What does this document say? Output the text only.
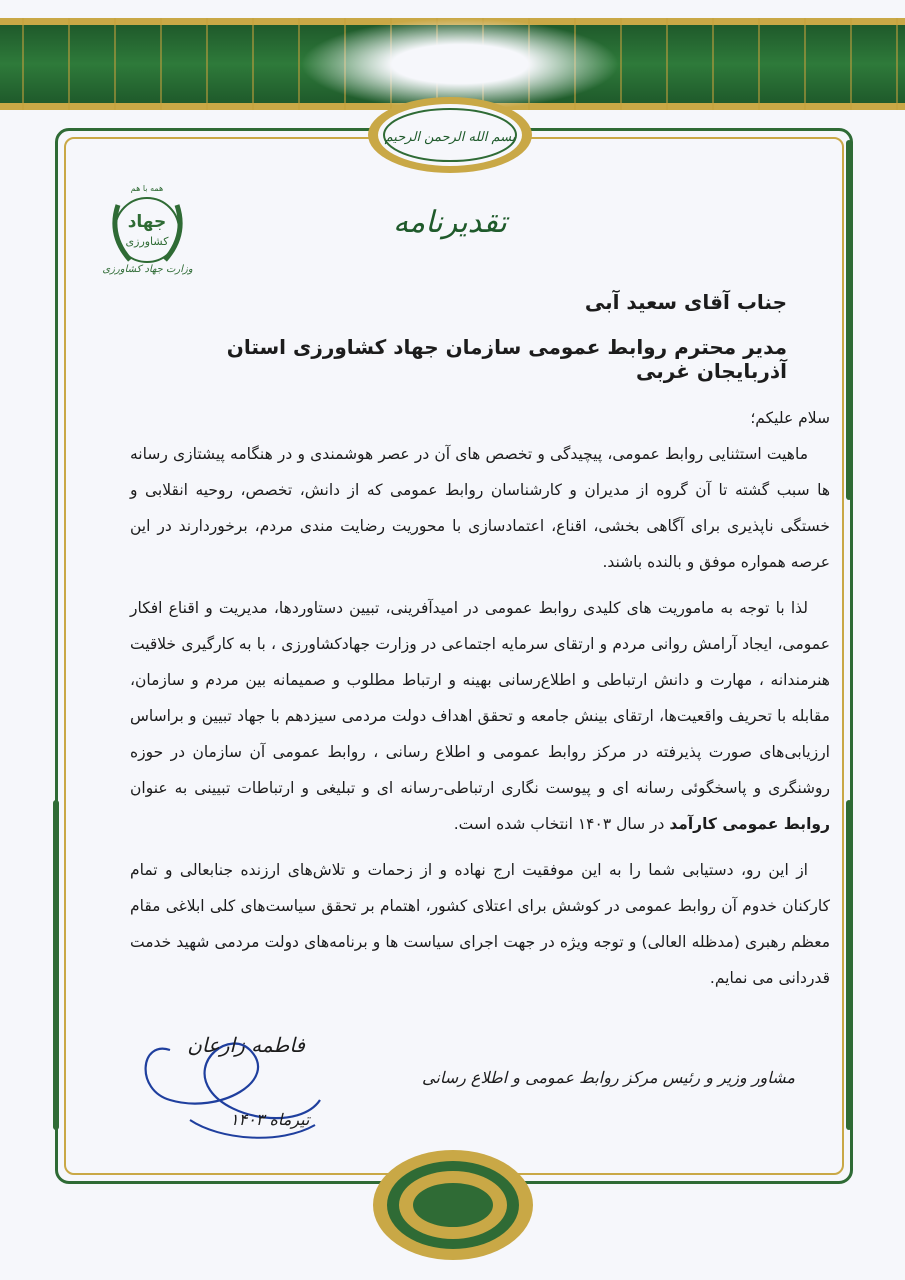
بسم الله الرحمن الرحیم
همه با هم
جهاد
کشاورزی
وزارت جهاد کشاورزی
تقدیرنامه
جناب آقای سعید آبی
مدیر محترم روابط عمومی سازمان جهاد کشاورزی استان آذربایجان غربی

سلام علیکم؛

ماهیت استثنایی روابط عمومی، پیچیدگی و تخصص های آن در عصر هوشمندی و در هنگامه پیشتازی رسانه ها سبب گشته تا آن گروه از مدیران و کارشناسان روابط عمومی که از دانش، تخصص، روحیه انقلابی و خستگی ناپذیری برای آگاهی بخشی، اقناع، اعتمادسازی با محوریت رضایت مندی مردم، برخوردارند در این عرصه همواره موفق و بالنده باشند.

لذا با توجه به ماموریت های کلیدی روابط عمومی در امیدآفرینی، تبیین دستاوردها، مدیریت و اقناع افکار عمومی، ایجاد آرامش روانی مردم و ارتقای سرمایه اجتماعی در وزارت جهادکشاورزی ، با به کارگیری خلاقیت هنرمندانه ، مهارت و دانش ارتباطی و اطلاع‌رسانی بهینه و ارتباط مطلوب و صمیمانه بین مردم و سازمان، مقابله با تحریف واقعیت‌ها، ارتقای بینش جامعه و تحقق اهداف دولت مردمی سیزدهم با جهاد تبیین و براساس ارزیابی‌های صورت پذیرفته در مرکز روابط عمومی و اطلاع رسانی ، روابط عمومی آن سازمان در حوزه روشنگری و پاسخگوئی رسانه ای و پیوست نگاری ارتباطی-رسانه ای و تبلیغی و ارتباطات تبیینی به عنوان روابط عمومی کارآمد در سال ۱۴۰۳ انتخاب شده است.

از این رو، دستیابی شما را به این موفقیت ارج نهاده و از زحمات و تلاش‌های ارزنده جنابعالی و تمام کارکنان خدوم آن روابط عمومی در کوشش برای اعتلای کشور، اهتمام بر تحقق سیاست‌های کلی ابلاغی مقام معظم رهبری (مدظله العالی) و توجه ویژه در جهت اجرای سیاست ها و برنامه‌های دولت مردمی شهید خدمت قدردانی می نمایم.

فاطمه زارعان
مشاور وزیر و رئیس مرکز روابط عمومی و اطلاع رسانی
تیرماه ۱۴۰۳
